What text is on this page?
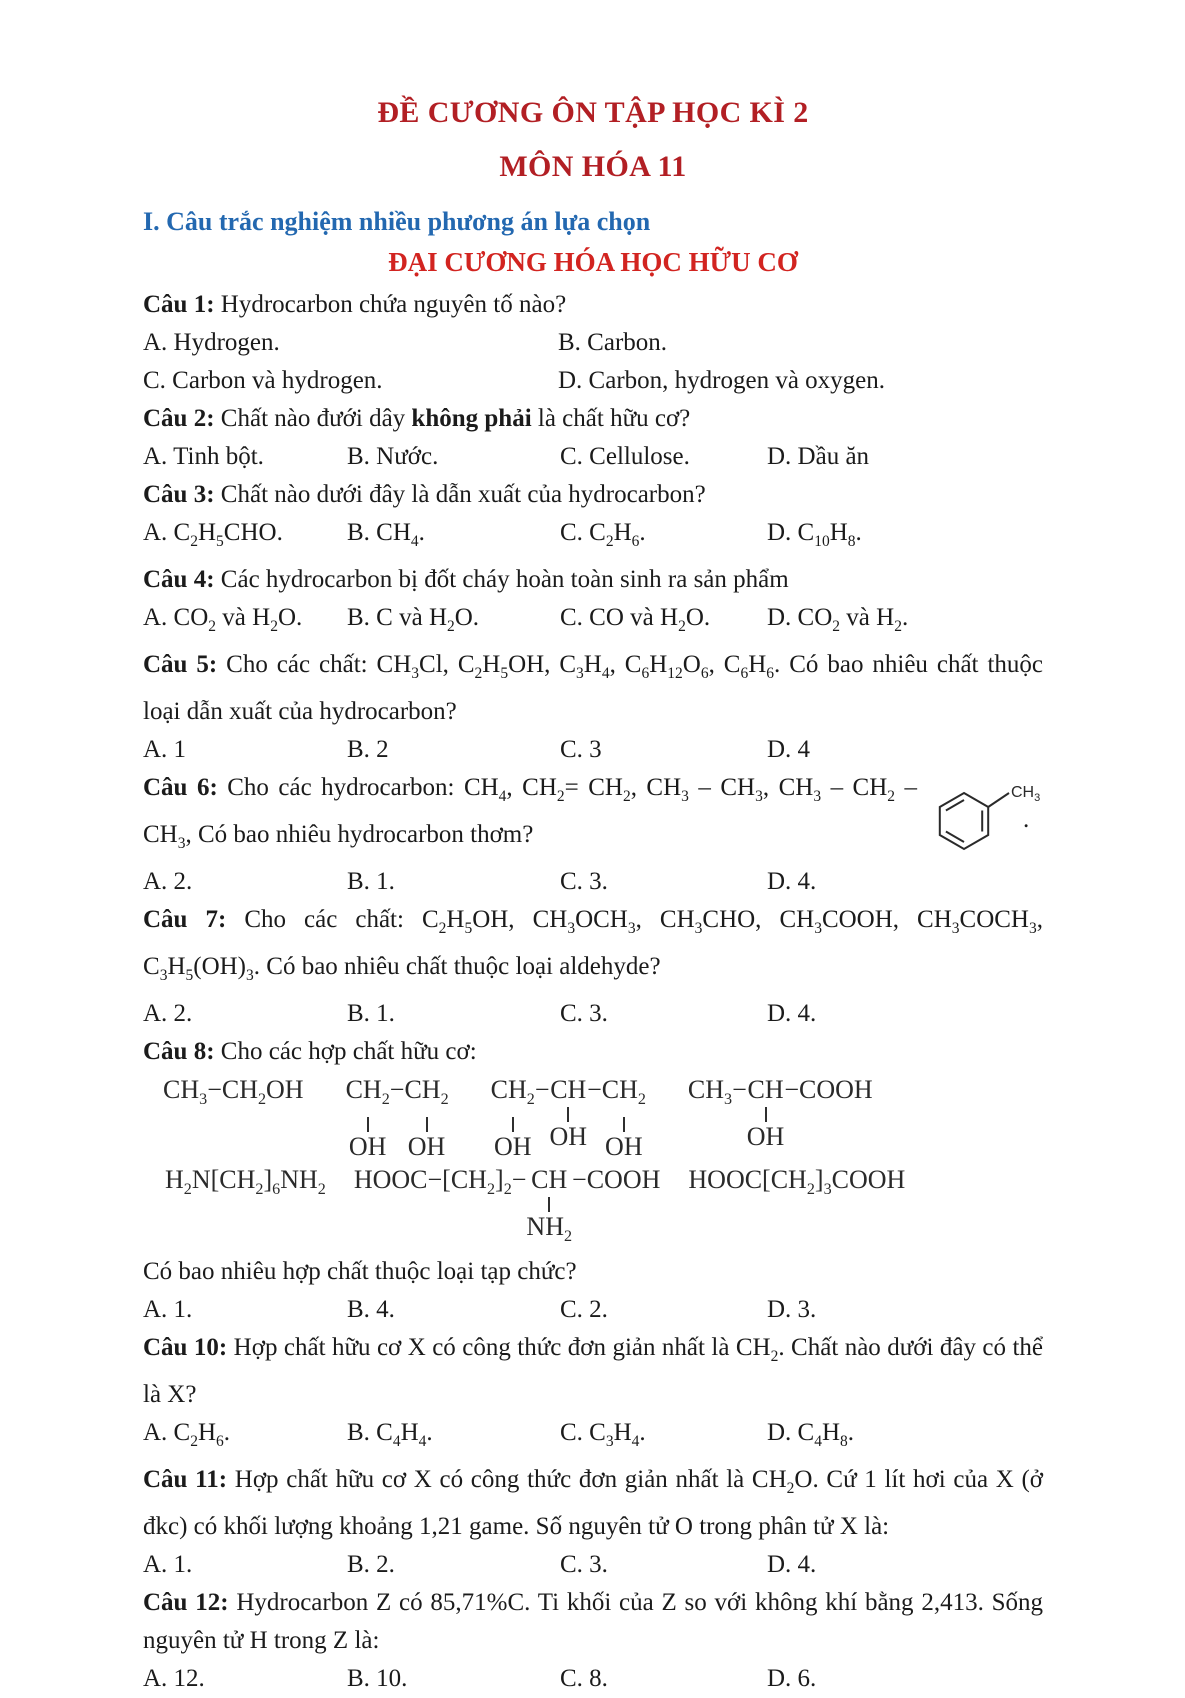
ĐỀ CƯƠNG ÔN TẬP HỌC KÌ 2
MÔN HÓA 11
I. Câu trắc nghiệm nhiều phương án lựa chọn
ĐẠI CƯƠNG HÓA HỌC HỮU CƠ

Câu 1: Hydrocarbon chứa nguyên tố nào?

A. Hydrogen.	B. Carbon.
C. Carbon và hydrogen.	D. Carbon, hydrogen và oxygen.

Câu 2: Chất nào đưới dây không phải là chất hữu cơ?

A. Tinh bột.	B. Nước.	C. Cellulose.	D. Dầu ăn

Câu 3: Chất nào dưới đây là dẫn xuất của hydrocarbon?

A. $C_2H_5CHO$.	B. $CH_4$.	C. $C_2H_6$.	D. $C_{10}H_8$.

Câu 4: Các hydrocarbon bị đốt cháy hoàn toàn sinh ra sản phẩm

A. $CO_2$ và $H_2O$.	B. C và $H_2O$.	C. CO và $H_2O$.	D. $CO_2$ và $H_2$.

Câu 5: Cho các chất: $CH_3Cl$, $C_2H_5OH$, $C_3H_4$, $C_6H_{12}O_6$, $C_6H_6$. Có bao nhiêu chất thuộc loại dẫn xuất của hydrocarbon?

A. 1	B. 2	C. 3	D. 4

$CH_3$
.
Câu 6: Cho các hydrocarbon: $CH_4$, $CH_2= CH_2$, $CH_3 - CH_3$, $CH_3 - CH_2 - CH_3$, Có bao nhiêu hydrocarbon thơm?

A. 2.	B. 1.	C. 3.	D. 4.

Câu 7: Cho các chất: $C_2H_5OH$, $CH_3OCH_3$, $CH_3CHO$, $CH_3COOH$, $CH_3COCH_3$, $C_3H_5(OH)_3$. Có bao nhiêu chất thuộc loại aldehyde?

A. 2.	B. 1.	C. 3.	D. 4.

Câu 8: Cho các hợp chất hữu cơ:

$CH_3-CH_2OH$ $CH_2$
OH
− $CH_2$
OH
$CH_2$
OH
− CH
OH
− $CH_2$
OH
$CH_3-$ CH
OH
−COOH
$H_2N[CH_2]_6NH_2$ $HOOC-[CH_2]_2-$ CH
$NH_2$
−COOH $HOOC[CH_2]_3COOH$

Có bao nhiêu hợp chất thuộc loại tạp chức?

A. 1.	B. 4.	C. 2.	D. 3.

Câu 10: Hợp chất hữu cơ X có công thức đơn giản nhất là $CH_2$. Chất nào dưới đây có thể là X?

A. $C_2H_6$.	B. $C_4H_4$.	C. $C_3H_4$.	D. $C_4H_8$.

Câu 11: Hợp chất hữu cơ X có công thức đơn giản nhất là $CH_2O$. Cứ 1 lít hơi của X (ở đkc) có khối lượng khoảng 1,21 game. Số nguyên tử O trong phân tử X là:

A. 1.	B. 2.	C. 3.	D. 4.

Câu 12: Hydrocarbon Z có 85,71%C. Ti khối của Z so với không khí bằng 2,413. Sống nguyên tử H trong Z là:

A. 12.	B. 10.	C. 8.	D. 6.
